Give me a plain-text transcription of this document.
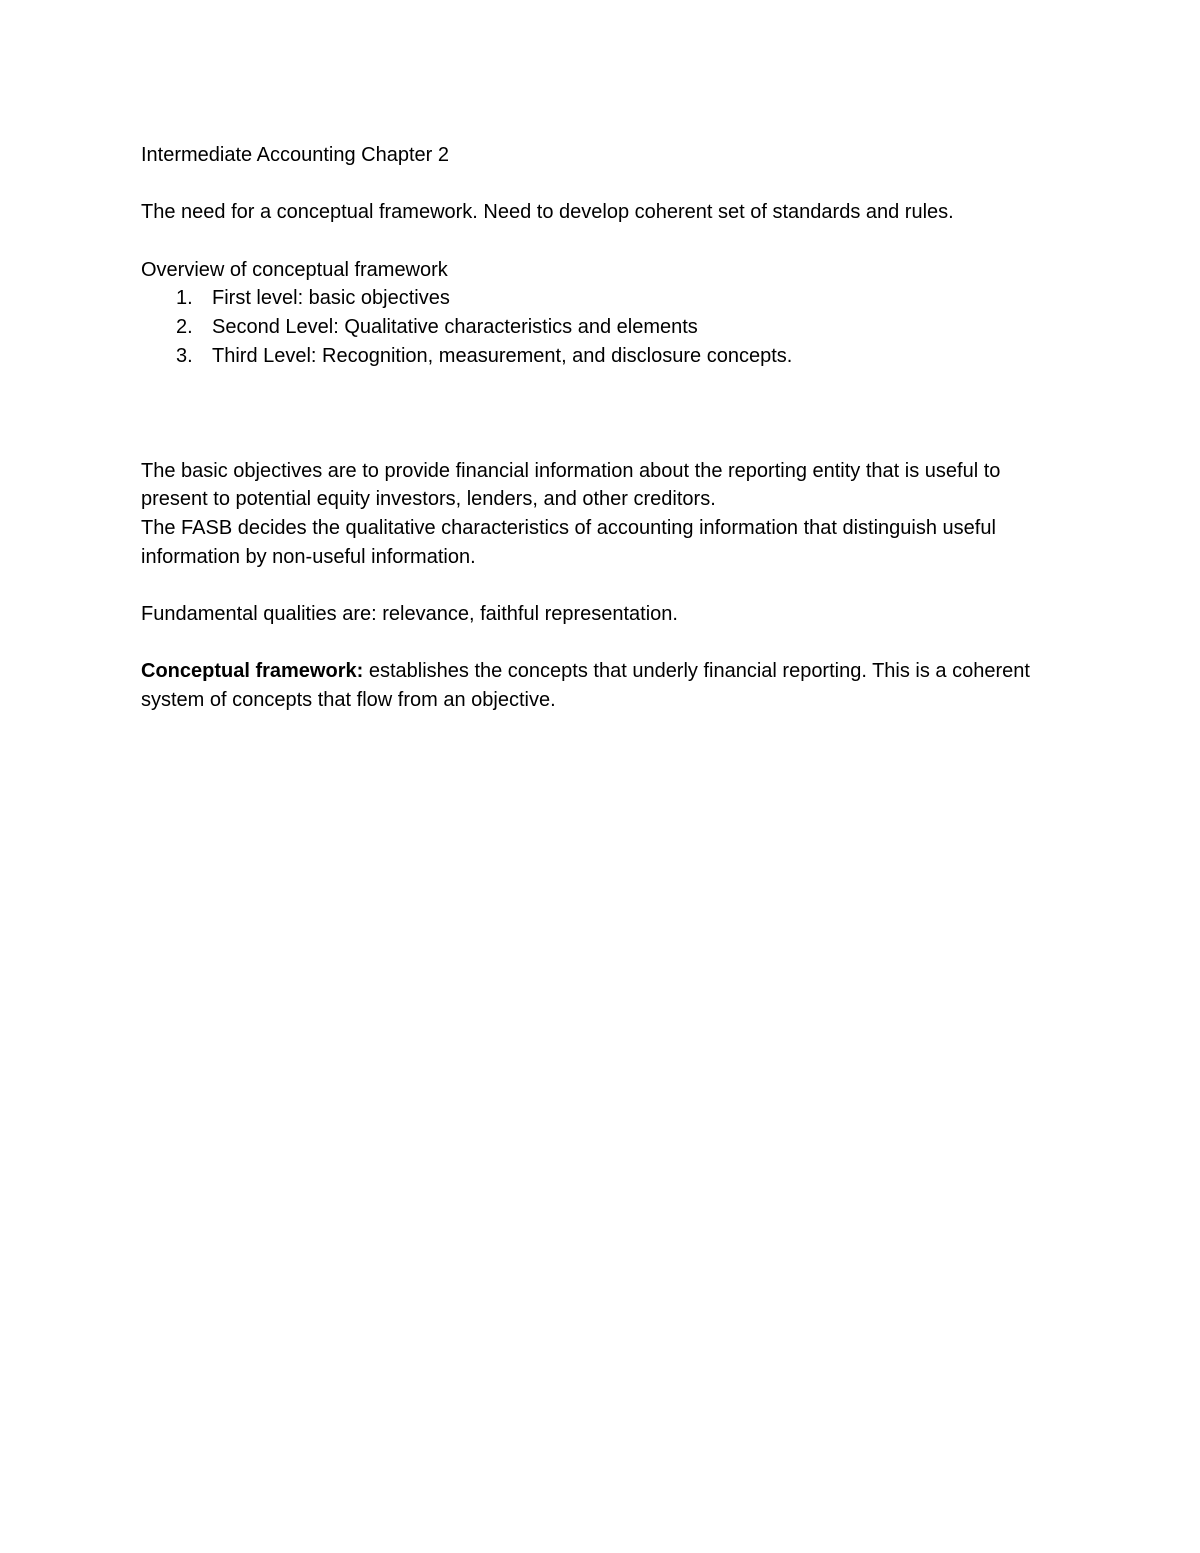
Intermediate Accounting Chapter 2

The need for a conceptual framework. Need to develop coherent set of standards and rules.

Overview of conceptual framework

1. First level: basic objectives
2. Second Level: Qualitative characteristics and elements
3. Third Level: Recognition, measurement, and disclosure concepts.

The basic objectives are to provide financial information about the reporting entity that is useful to present to potential equity investors, lenders, and other creditors.

The FASB decides the qualitative characteristics of accounting information that distinguish useful information by non-useful information.

Fundamental qualities are: relevance, faithful representation.

Conceptual framework: establishes the concepts that underly financial reporting. This is a coherent system of concepts that flow from an objective.
